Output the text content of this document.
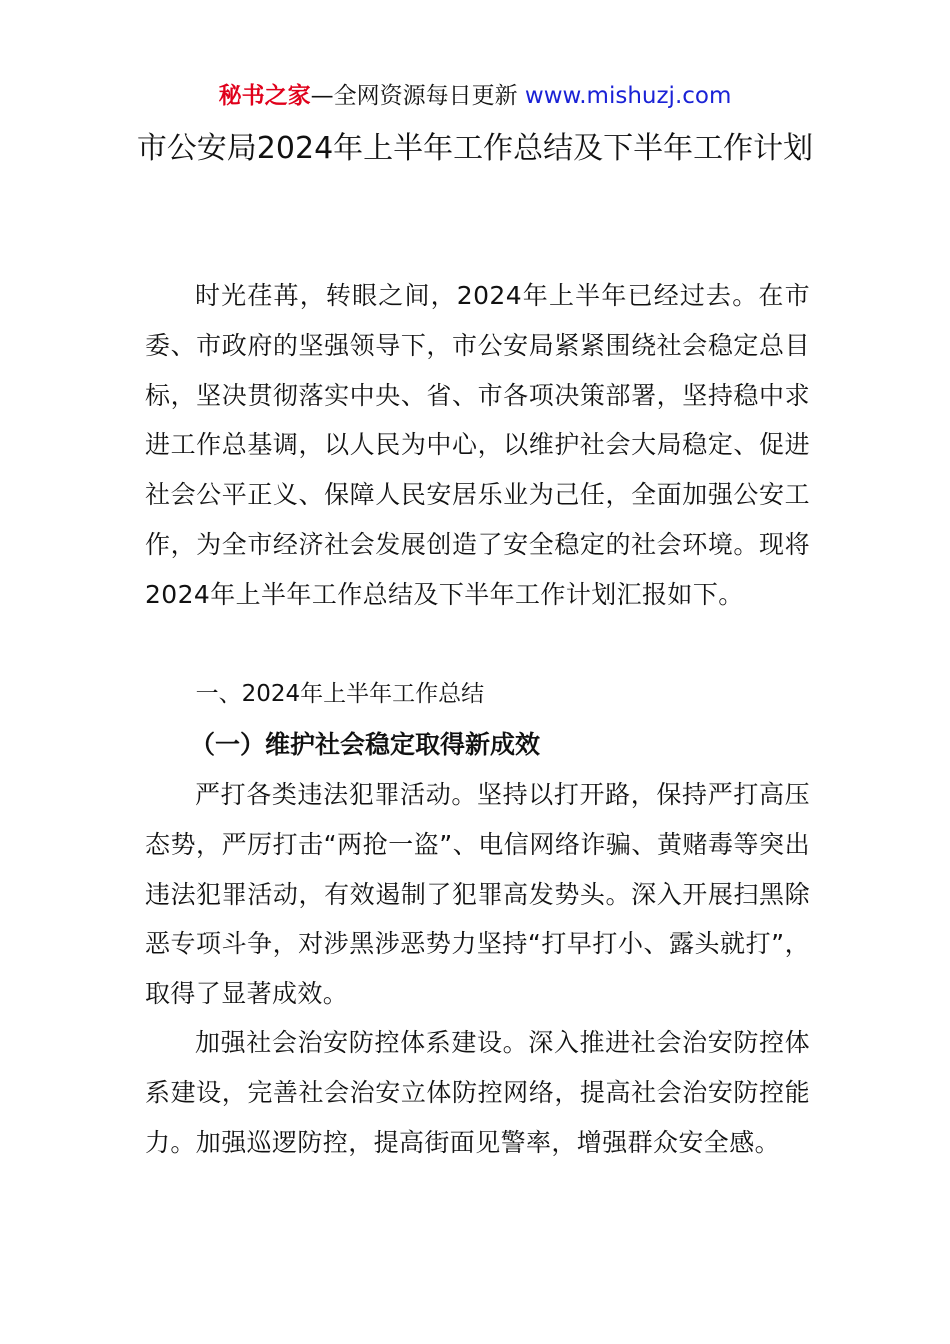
秘书之家—全网资源每日更新 www.mishuzj.com
市公安局2024年上半年工作总结及下半年工作计划

时光荏苒，转眼之间，2024年上半年已经过去。在市委、市政府的坚强领导下，市公安局紧紧围绕社会稳定总目标，坚决贯彻落实中央、省、市各项决策部署，坚持稳中求进工作总基调，以人民为中心，以维护社会大局稳定、促进社会公平正义、保障人民安居乐业为己任，全面加强公安工作，为全市经济社会发展创造了安全稳定的社会环境。现将2024年上半年工作总结及下半年工作计划汇报如下。

一、2024年上半年工作总结

（一）维护社会稳定取得新成效

严打各类违法犯罪活动。坚持以打开路，保持严打高压态势，严厉打击“两抢一盗”、电信网络诈骗、黄赌毒等突出违法犯罪活动，有效遏制了犯罪高发势头。深入开展扫黑除恶专项斗争，对涉黑涉恶势力坚持“打早打小、露头就打”，取得了显著成效。

加强社会治安防控体系建设。深入推进社会治安防控体系建设，完善社会治安立体防控网络，提高社会治安防控能力。加强巡逻防控，提高街面见警率，增强群众安全感。
